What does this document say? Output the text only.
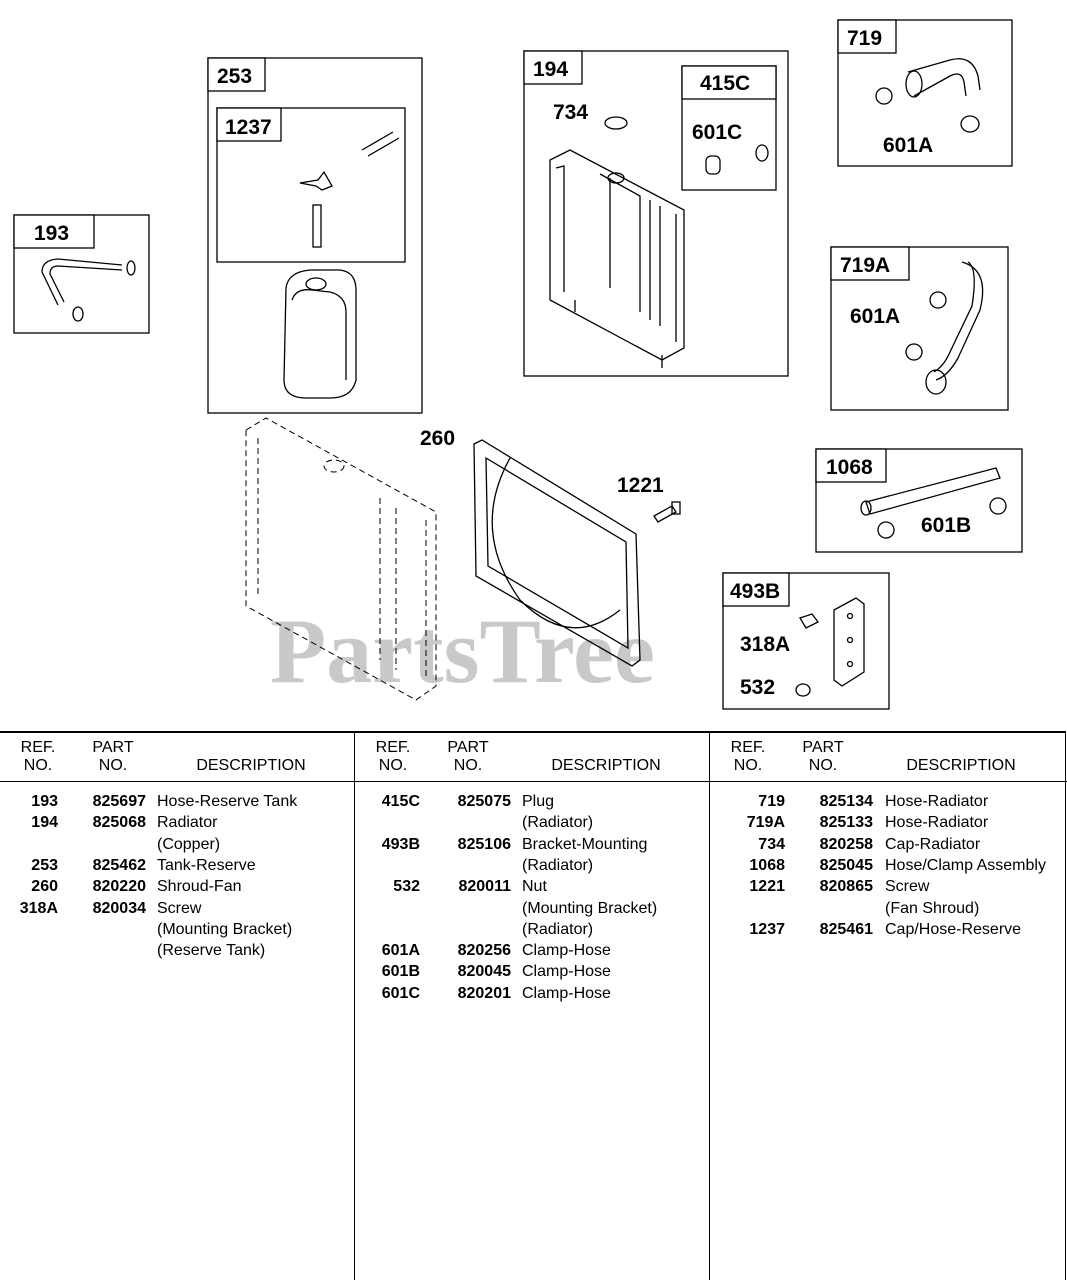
PartsTree
193
253
1237
194
734
415C
601C
719
601A
719A
601A
260
1221
1068
601B
493B
318A
532
REF.
NO.
PART
NO.	DESCRIPTION
193	825697 Hose-Reserve Tank
194	825068 Radiator
(Copper)
253	825462 Tank-Reserve
260	820220 Shroud-Fan
318A	820034 Screw
(Mounting Bracket)
(Reserve Tank)
REF.
NO.
PART
NO.	DESCRIPTION
415C	825075 Plug
(Radiator)
493B	825106 Bracket-Mounting
(Radiator)
532	820011 Nut
(Mounting Bracket)
(Radiator)
601A	820256 Clamp-Hose
601B	820045 Clamp-Hose
601C	820201 Clamp-Hose
REF.
NO.
PART
NO.	DESCRIPTION
719	825134 Hose-Radiator
719A	825133 Hose-Radiator
734	820258 Cap-Radiator
1068	825045 Hose/Clamp Assembly
1221	820865 Screw
(Fan Shroud)
1237	825461 Cap/Hose-Reserve
